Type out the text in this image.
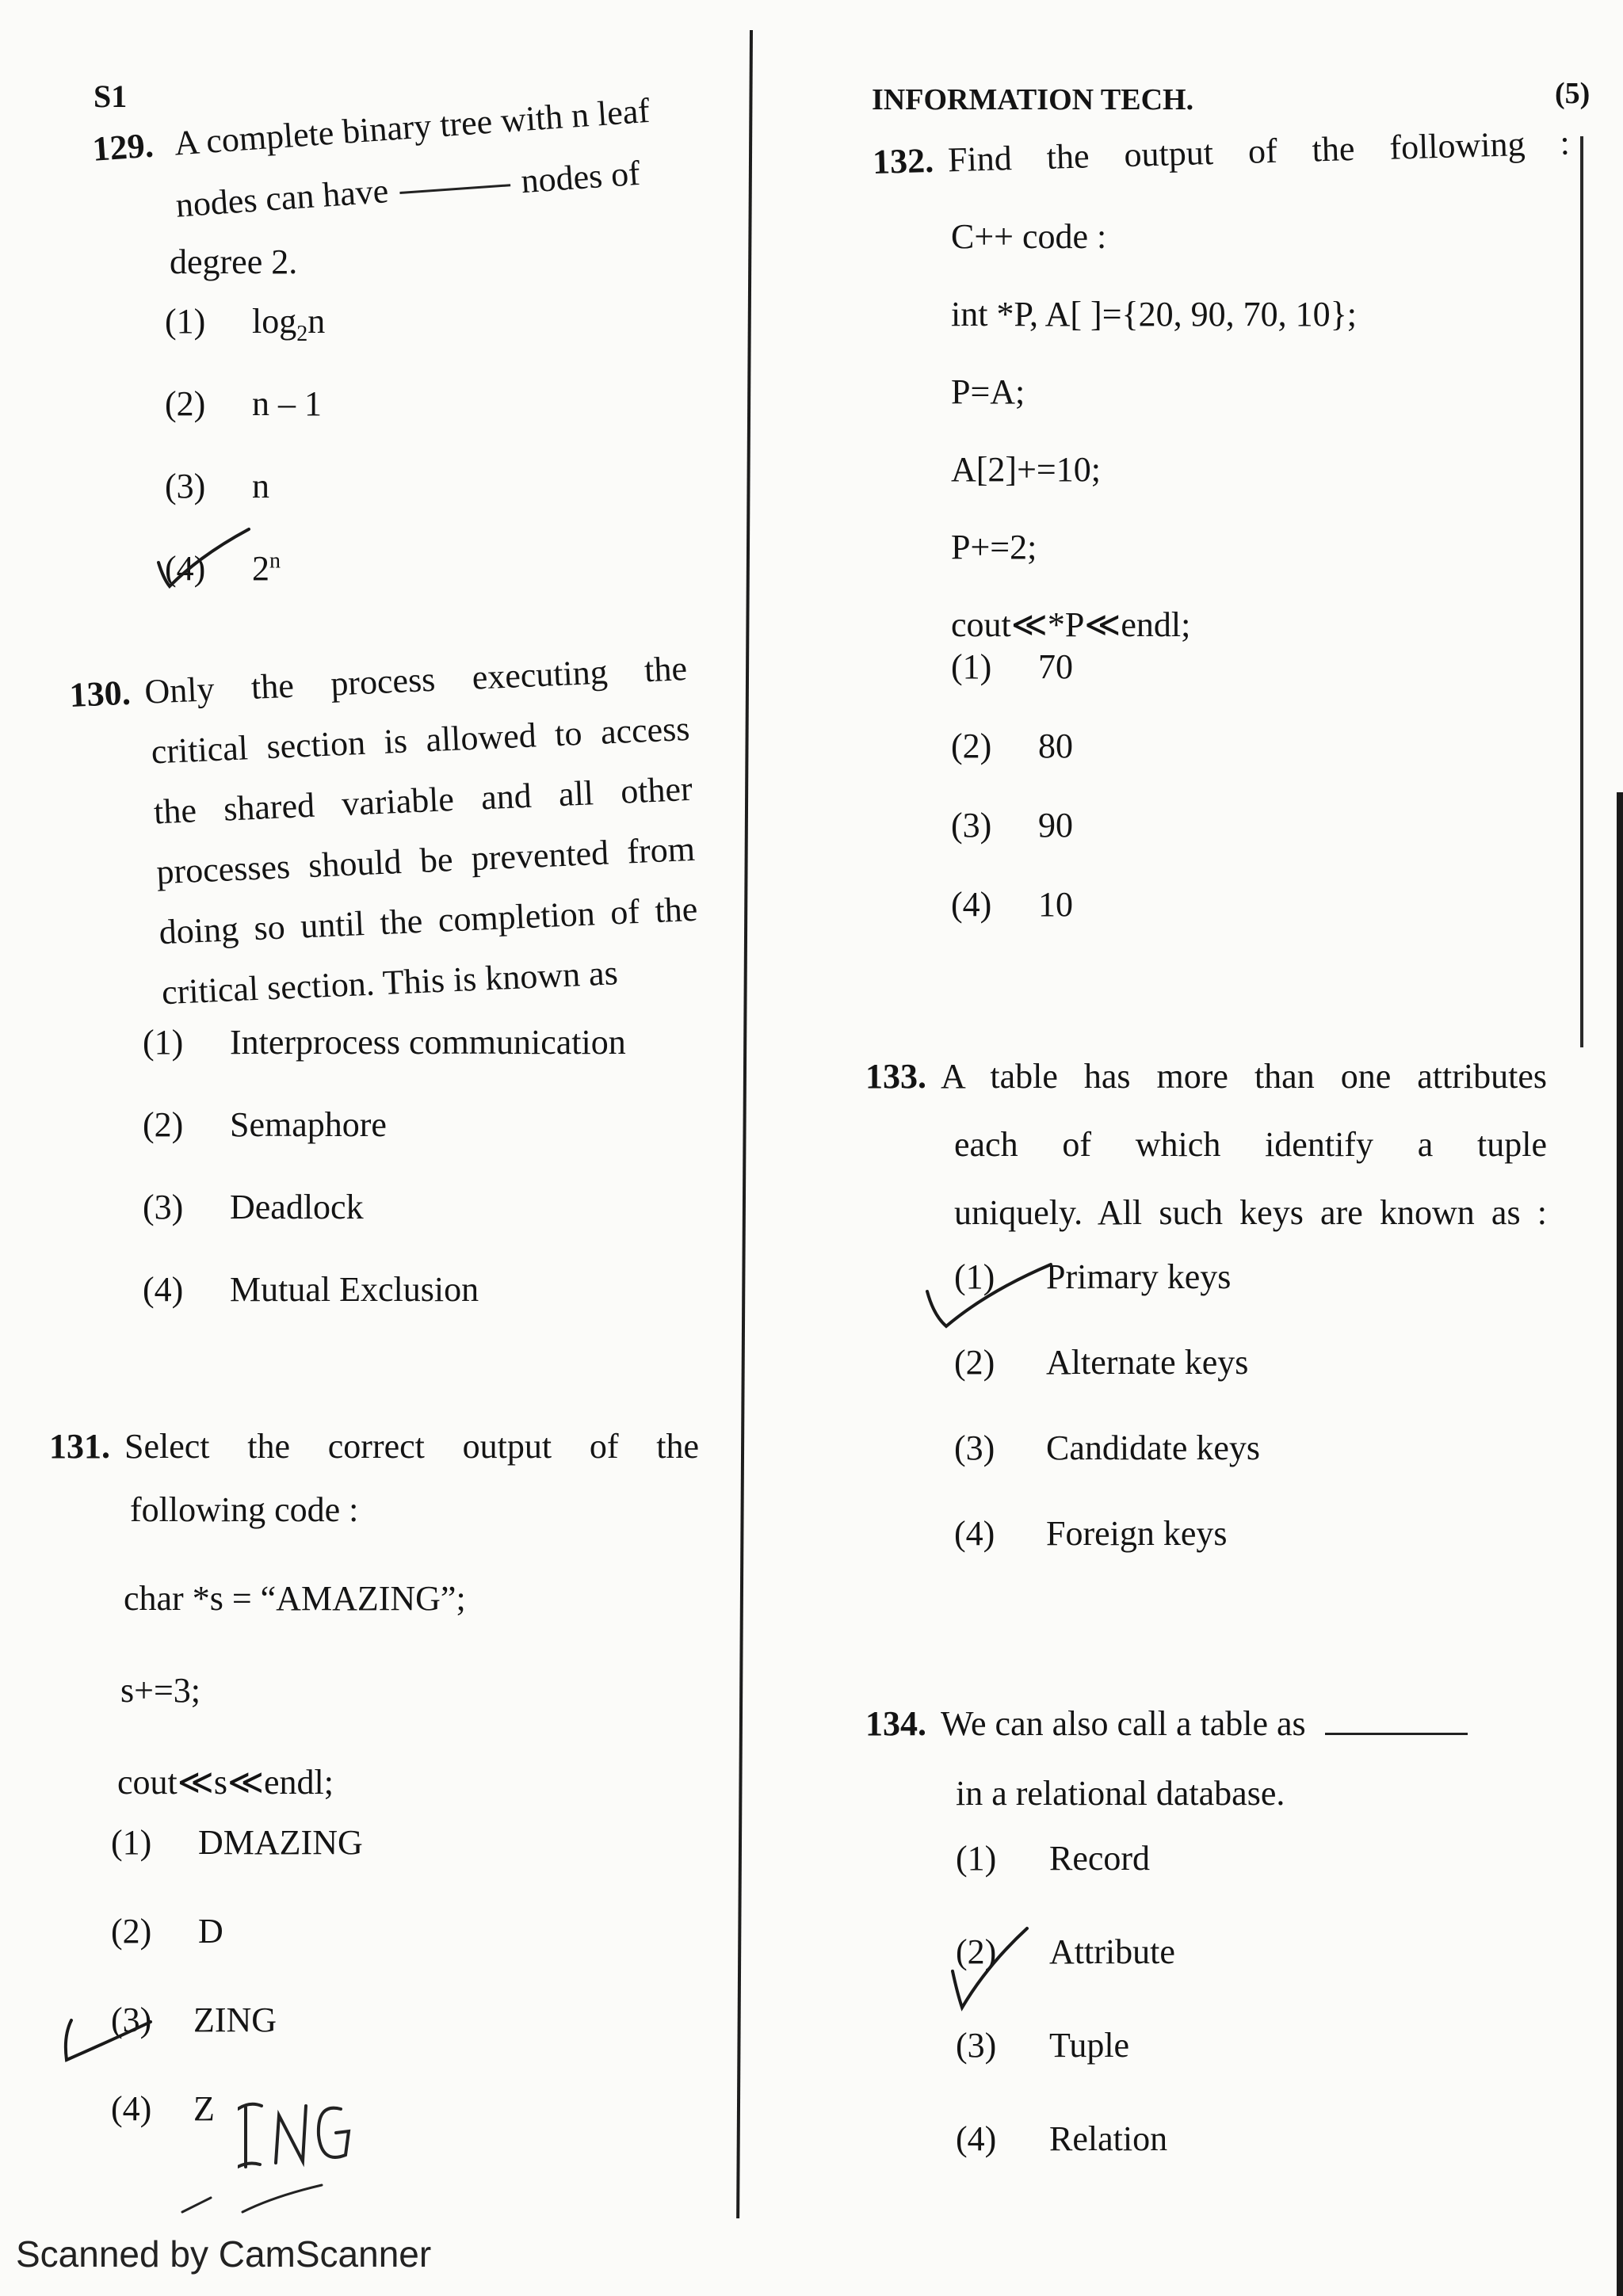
S1
129. A complete binary tree with n leaf
nodes can have	nodes of
degree 2.
(1)	$\log_2n$
(2)	n – 1
(3)	n
(4)	2$^n$
130. Only the process executing the
critical section is allowed to access
the shared variable and all other
processes should be prevented from
doing so until the completion of the
critical section. This is known as
(1)	Interprocess communication
(2)	Semaphore
(3)	Deadlock
(4)	Mutual Exclusion
131. Select the correct output of the
following code :
char *s = “AMAZING”;
s+=3;
cout≪s≪endl;
(1)	DMAZING
(2)	D
(3)	ZING
(4)	Z
INFORMATION TECH.	(5)
132. Find the output of the following :
C++ code :
int *P, A[ ]={20, 90, 70, 10};
P=A;
A[2]+=10;
P+=2;
cout≪*P≪endl;
(1)	70
(2)	80
(3)	90
(4)	10
133. A table has more than one attributes
each of which identify a tuple
uniquely. All such keys are known as :
(1)	Primary keys
(2)	Alternate keys
(3)	Candidate keys
(4)	Foreign keys
134. We can also call a table as
in a relational database.
(1)	Record
(2)	Attribute
(3)	Tuple
(4)	Relation
Scanned by CamScanner
